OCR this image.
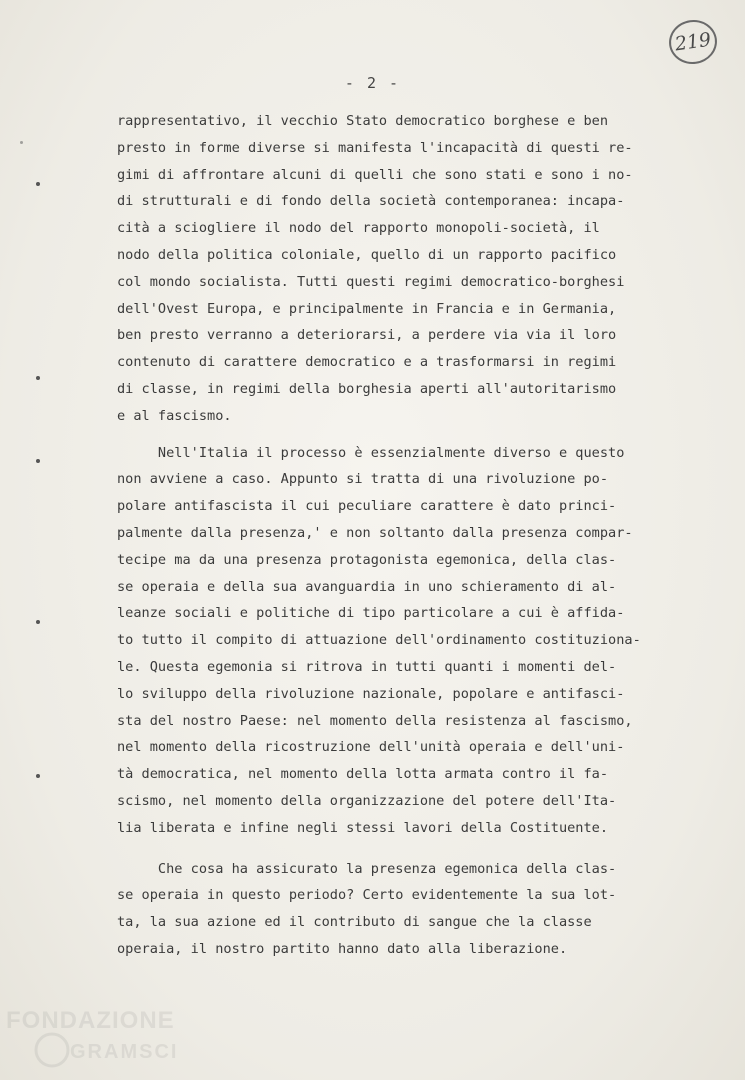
219
- 2 -
rappresentativo, il vecchio Stato democratico borghese e ben
presto in forme diverse si manifesta l'incapacità di questi re-
gimi di affrontare alcuni di quelli che sono stati e sono i no-
di strutturali e di fondo della società contemporanea: incapa-
cità a sciogliere il nodo del rapporto monopoli-società, il
nodo della politica coloniale, quello di un rapporto pacifico
col mondo socialista. Tutti questi regimi democratico-borghesi
dell'Ovest Europa, e principalmente in Francia e in Germania,
ben presto verranno a deteriorarsi, a perdere via via il loro
contenuto di carattere democratico e a trasformarsi in regimi
di classe, in regimi della borghesia aperti all'autoritarismo
e al fascismo.
Nell'Italia il processo è essenzialmente diverso e questo
non avviene a caso. Appunto si tratta di una rivoluzione po-
polare antifascista il cui peculiare carattere è dato princi-
palmente dalla presenza,' e non soltanto dalla presenza compar-
tecipe ma da una presenza protagonista egemonica, della clas-
se operaia e della sua avanguardia in uno schieramento di al-
leanze sociali e politiche di tipo particolare a cui è affida-
to tutto il compito di attuazione dell'ordinamento costituziona-
le. Questa egemonia si ritrova in tutti quanti i momenti del-
lo sviluppo della rivoluzione nazionale, popolare e antifasci-
sta del nostro Paese: nel momento della resistenza al fascismo,
nel momento della ricostruzione dell'unità operaia e dell'uni-
tà democratica, nel momento della lotta armata contro il fa-
scismo, nel momento della organizzazione del potere dell'Ita-
lia liberata e infine negli stessi lavori della Costituente.
Che cosa ha assicurato la presenza egemonica della clas-
se operaia in questo periodo? Certo evidentemente la sua lot-
ta, la sua azione ed il contributo di sangue che la classe
operaia, il nostro partito hanno dato alla liberazione.
FONDAZIONE
GRAMSCI
